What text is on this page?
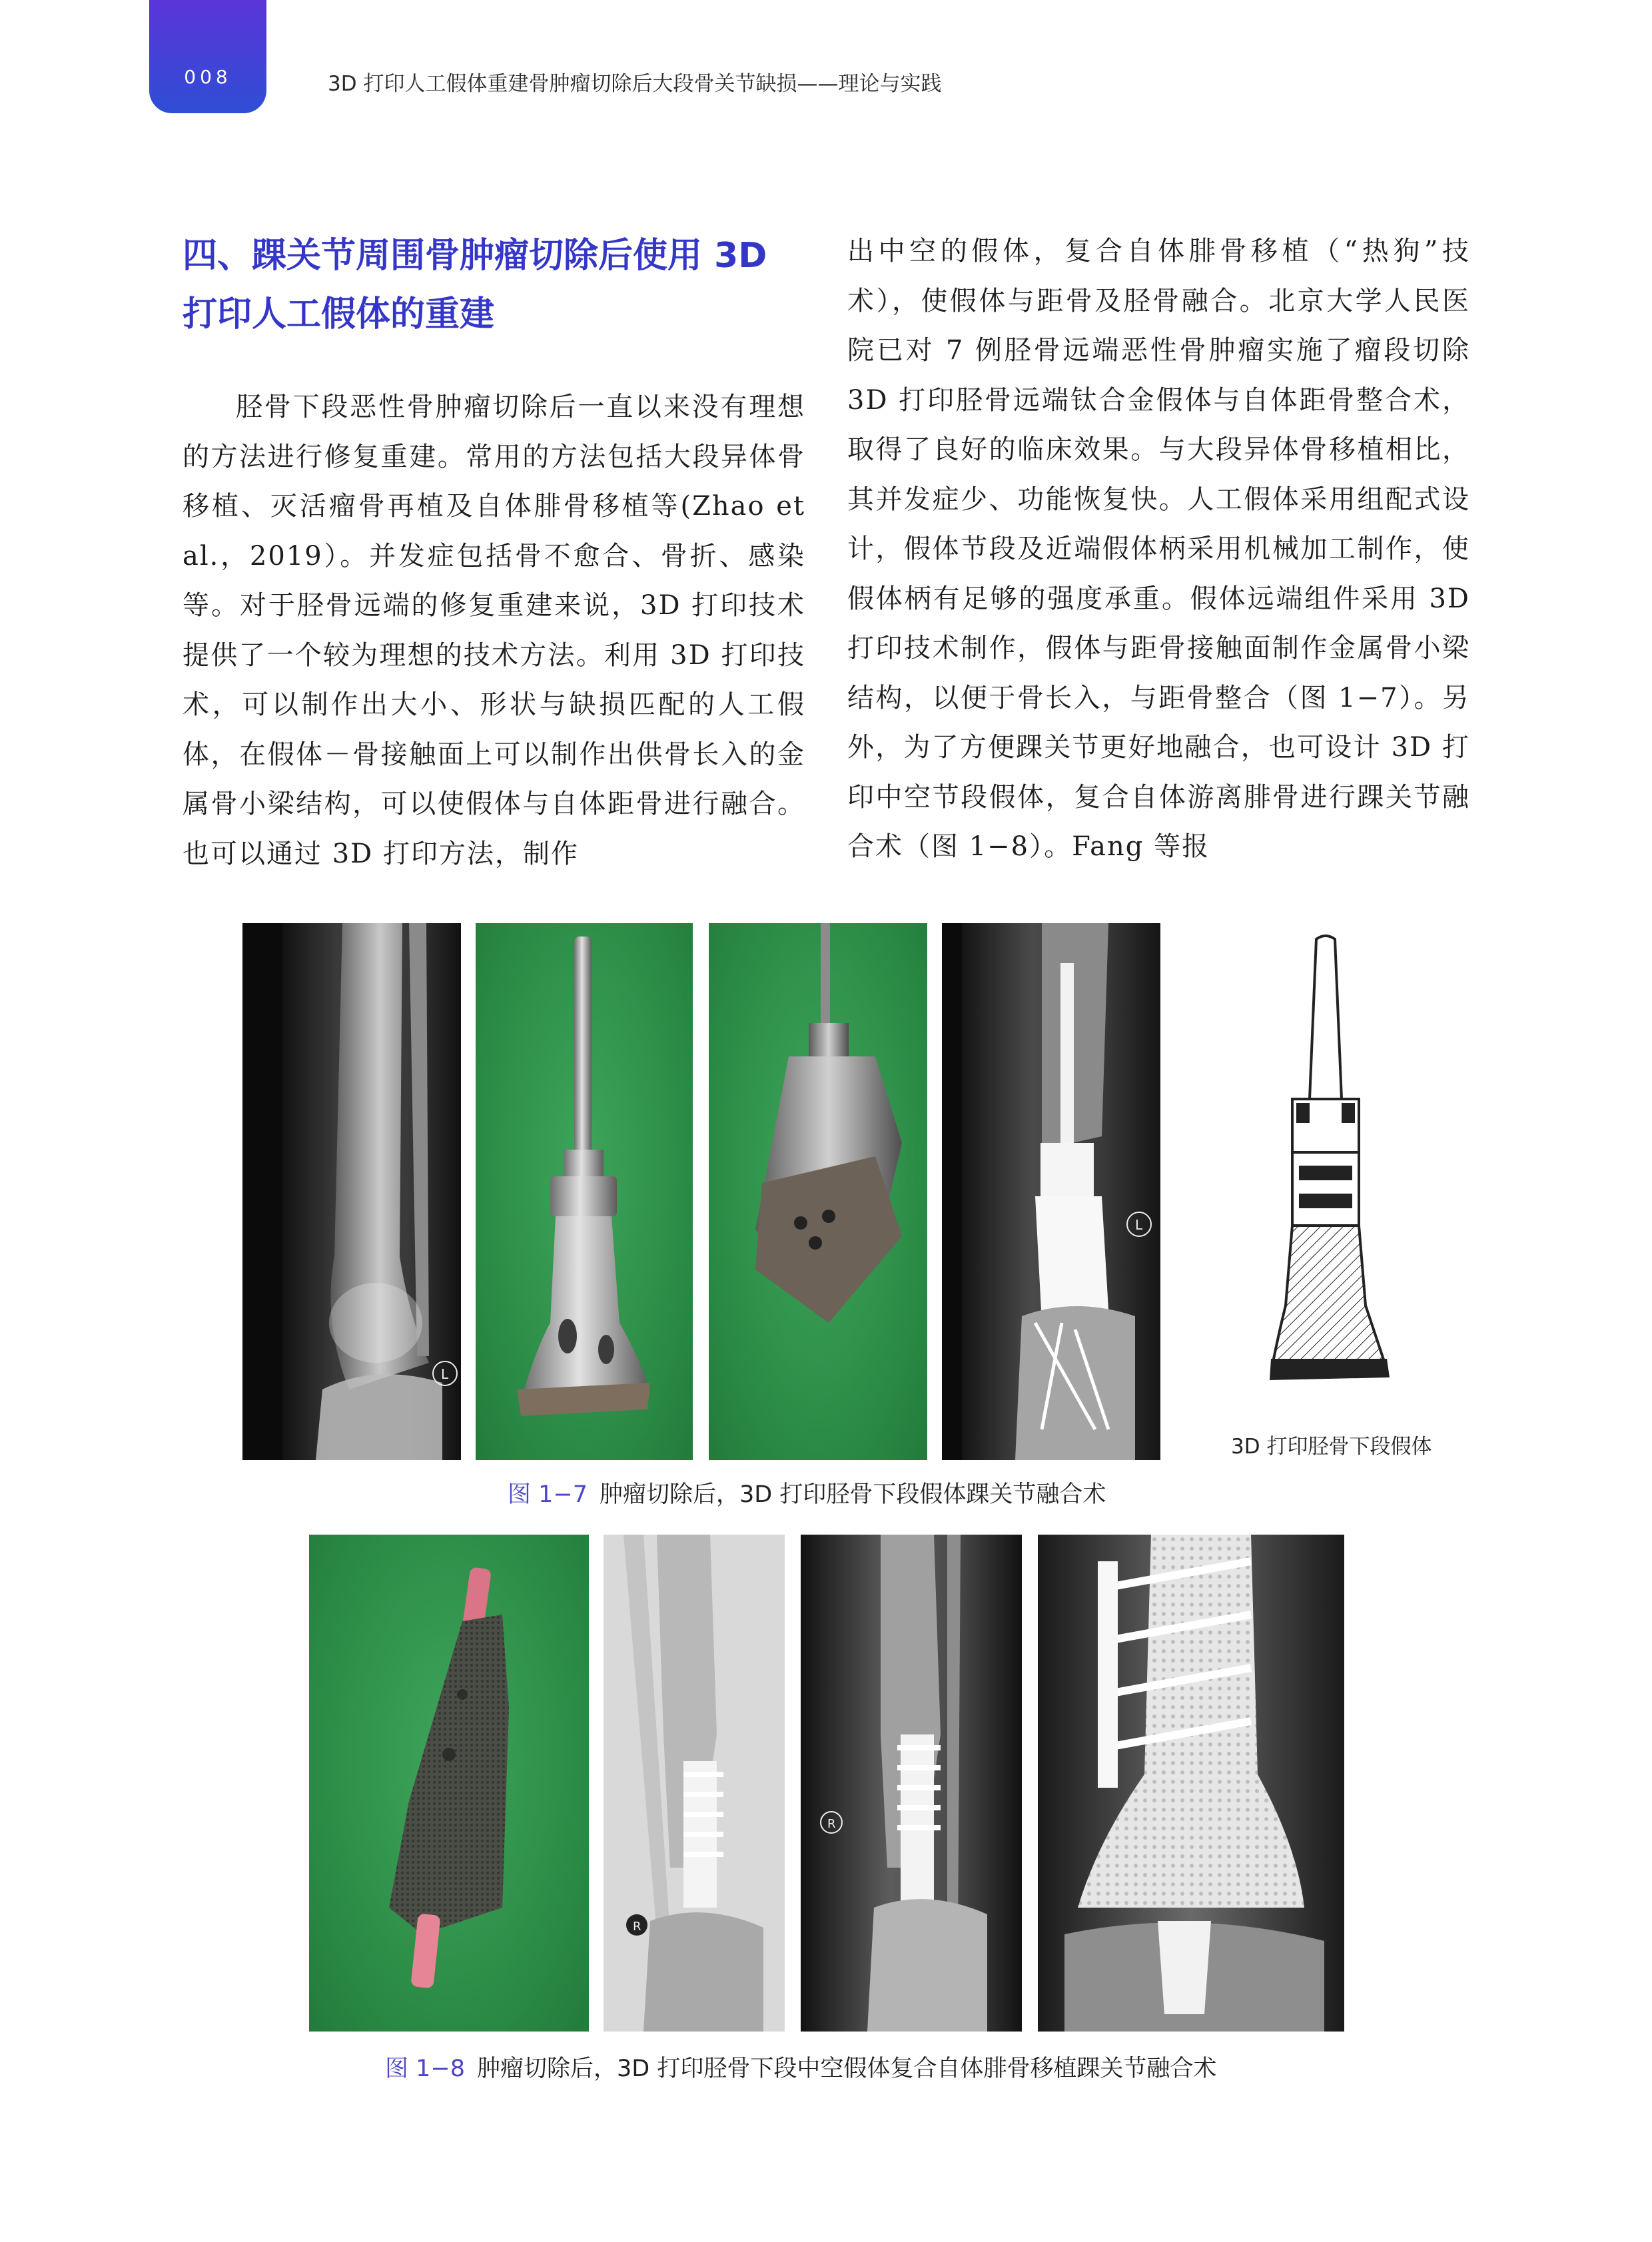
008	3D 打印人工假体重建骨肿瘤切除后大段骨关节缺损——理论与实践
四、踝关节周围骨肿瘤切除后使用 3D
打印人工假体的重建

胫骨下段恶性骨肿瘤切除后一直以来没有理想的方法进行修复重建。常用的方法包括大段异体骨移植、灭活瘤骨再植及自体腓骨移植等(Zhao et al.，2019）。并发症包括骨不愈合、骨折、感染等。对于胫骨远端的修复重建来说，3D 打印技术提供了一个较为理想的技术方法。利用 3D 打印技术，可以制作出大小、形状与缺损匹配的人工假体，在假体－骨接触面上可以制作出供骨长入的金属骨小梁结构，可以使假体与自体距骨进行融合。也可以通过 3D 打印方法，制作

出中空的假体，复合自体腓骨移植（“热狗”技术），使假体与距骨及胫骨融合。北京大学人民医院已对 7 例胫骨远端恶性骨肿瘤实施了瘤段切除 3D 打印胫骨远端钛合金假体与自体距骨整合术，取得了良好的临床效果。与大段异体骨移植相比，其并发症少、功能恢复快。人工假体采用组配式设计，假体节段及近端假体柄采用机械加工制作，使假体柄有足够的强度承重。假体远端组件采用 3D 打印技术制作，假体与距骨接触面制作金属骨小梁结构，以便于骨长入，与距骨整合（图 1−7）。另外，为了方便踝关节更好地融合，也可设计 3D 打印中空节段假体，复合自体游离腓骨进行踝关节融合术（图 1−8）。Fang 等报

L
L
3D 打印胫骨下段假体
图 1−7 肿瘤切除后，3D 打印胫骨下段假体踝关节融合术
R
R
图 1−8 肿瘤切除后，3D 打印胫骨下段中空假体复合自体腓骨移植踝关节融合术
